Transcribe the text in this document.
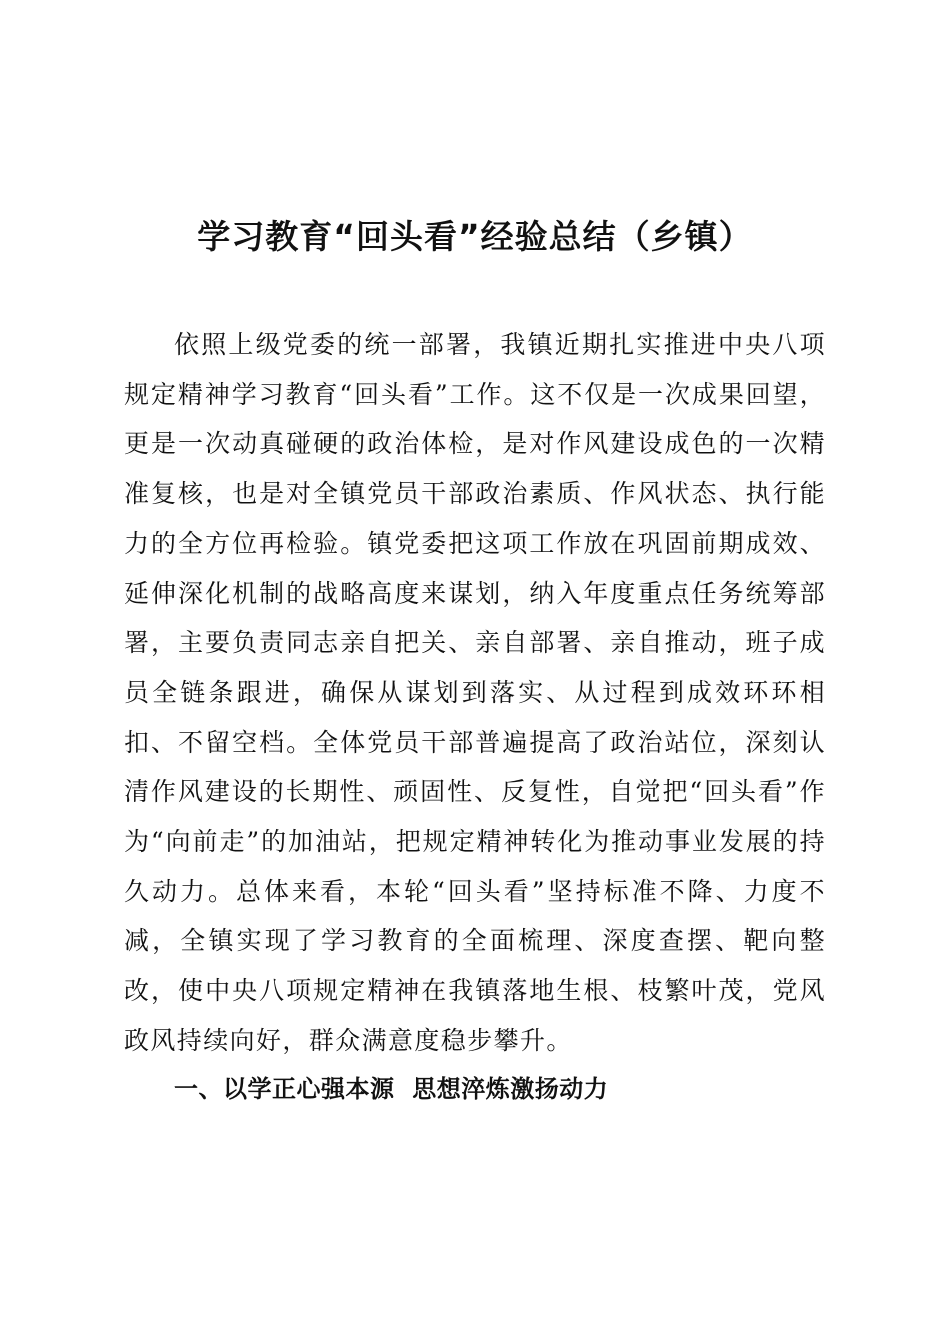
学习教育“回头看”经验总结（乡镇）

依照上级党委的统一部署，我镇近期扎实推进中央八项规定精神学习教育“回头看”工作。这不仅是一次成果回望，更是一次动真碰硬的政治体检，是对作风建设成色的一次精准复核，也是对全镇党员干部政治素质、作风状态、执行能力的全方位再检验。镇党委把这项工作放在巩固前期成效、延伸深化机制的战略高度来谋划，纳入年度重点任务统筹部署，主要负责同志亲自把关、亲自部署、亲自推动，班子成员全链条跟进，确保从谋划到落实、从过程到成效环环相扣、不留空档。全体党员干部普遍提高了政治站位，深刻认清作风建设的长期性、顽固性、反复性，自觉把“回头看”作为“向前走”的加油站，把规定精神转化为推动事业发展的持久动力。总体来看，本轮“回头看”坚持标准不降、力度不减，全镇实现了学习教育的全面梳理、深度查摆、靶向整改，使中央八项规定精神在我镇落地生根、枝繁叶茂，党风政风持续向好，群众满意度稳步攀升。

一、以学正心强本源  思想淬炼激扬动力
